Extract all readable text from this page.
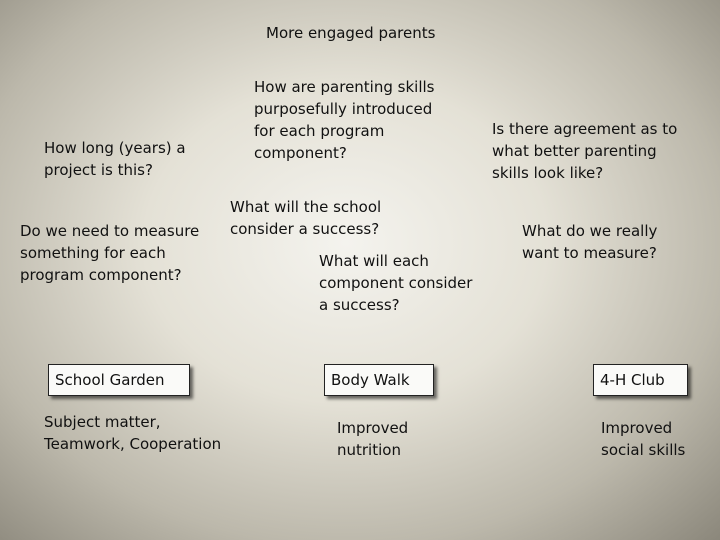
More engaged parents

How are parenting skills
purposefully introduced
for each program
component?

Is there agreement as to
what better parenting
skills look like?

How long (years) a
project is this?

What will the school
consider a success?

Do we need to measure
something for each
program component?

What do we really
want to measure?

What will each
component consider
a success?

School Garden	Body Walk	4-H Club

Subject matter,
Teamwork, Cooperation

Improved
nutrition

Improved
social skills
